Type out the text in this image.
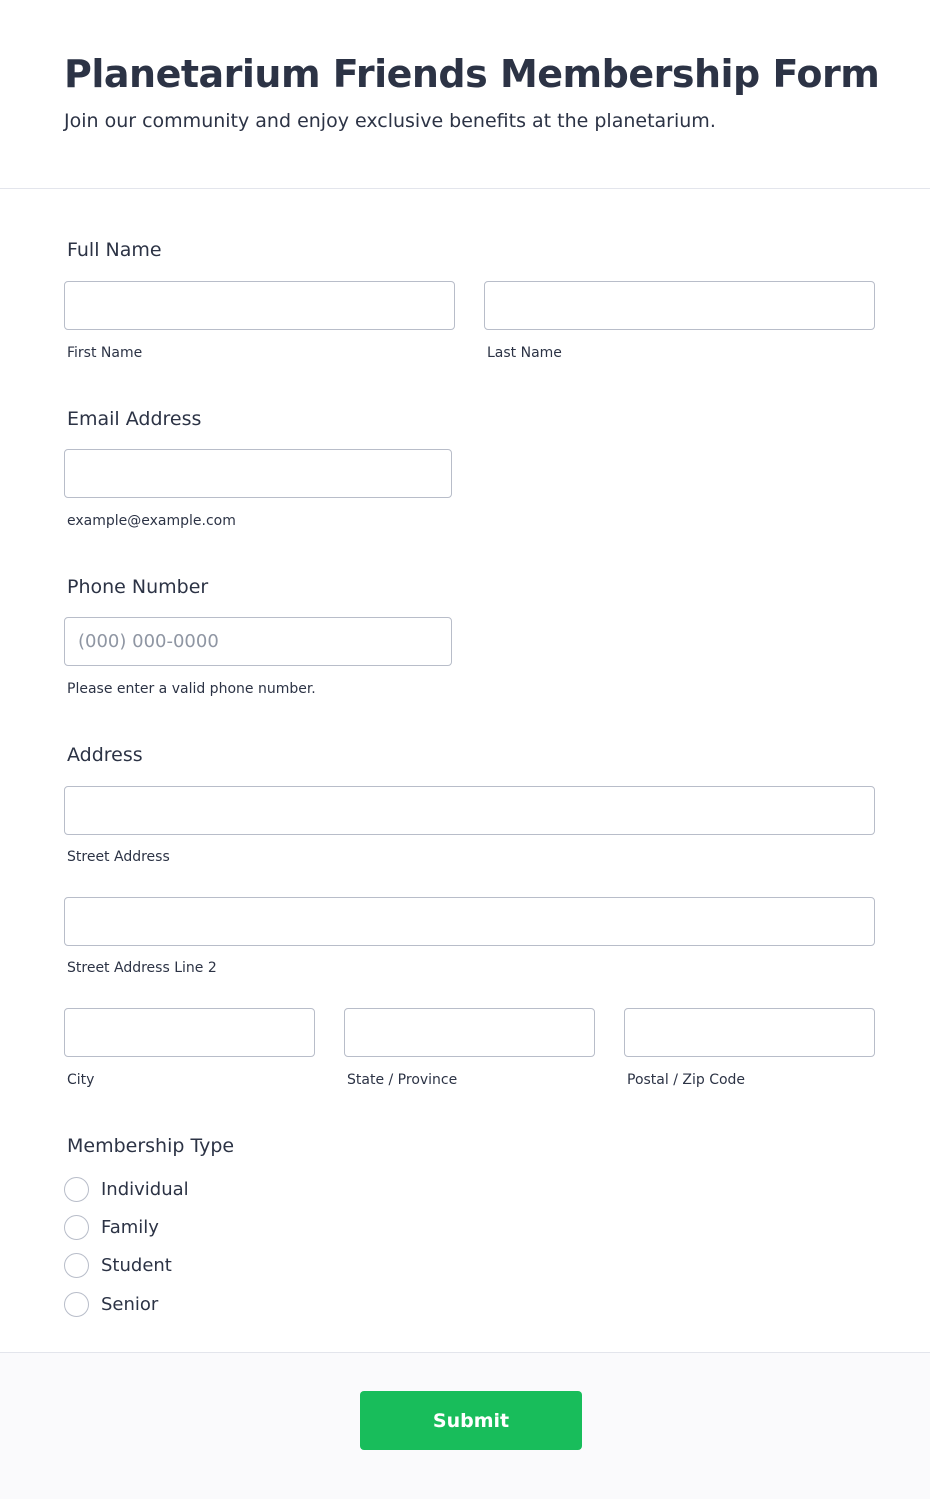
Planetarium Friends Membership Form
Join our community and enjoy exclusive benefits at the planetarium.
Full Name
First Name	Last Name
Email Address
example@example.com
Phone Number
(000) 000-0000
Please enter a valid phone number.
Address
Street Address
Street Address Line 2
City	State / Province	Postal / Zip Code
Membership Type
Individual
Family
Student
Senior
Submit
